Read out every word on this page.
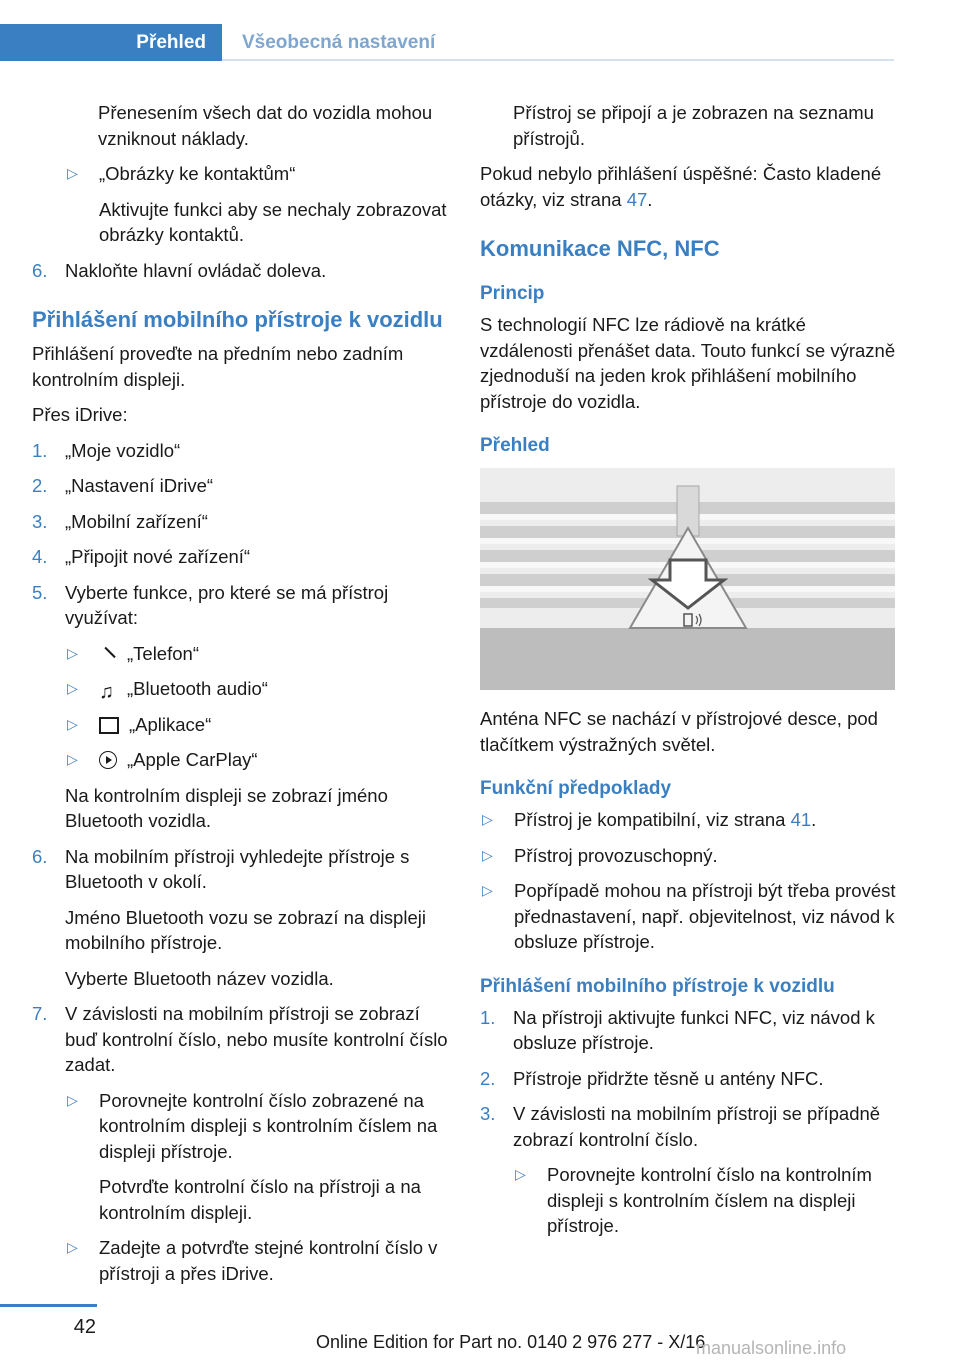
Přehled Všeobecná nastavení

Přenesením všech dat do vozidla mohou vzniknout náklady.

▷	„Obrázky ke kontaktům“

Aktivujte funkci aby se nechaly zobrazovat obrázky kontaktů.

6. Nakloňte hlavní ovládač doleva.
Přihlášení mobilního přístroje k vozidlu

Přihlášení proveďte na předním nebo zadním kontrolním displeji.

Přes iDrive:

1. „Moje vozidlo“
2. „Nastavení iDrive“
3. „Mobilní zařízení“
4. „Připojit nové zařízení“
5. Vyberte funkce, pro které se má přístroj využívat:
▷	„Telefon“
▷	♫ „Bluetooth audio“
▷	„Aplikace“
▷	„Apple CarPlay“

Na kontrolním displeji se zobrazí jméno Bluetooth vozidla.

6. Na mobilním přístroji vyhledejte přístroje s Bluetooth v okolí.

Jméno Bluetooth vozu se zobrazí na displeji mobilního přístroje.

Vyberte Bluetooth název vozidla.

7. V závislosti na mobilním přístroji se zobrazí buď kontrolní číslo, nebo musíte kontrolní číslo zadat.
▷	Porovnejte kontrolní číslo zobrazené na kontrolním displeji s kontrolním číslem na displeji přístroje.

Potvrďte kontrolní číslo na přístroji a na kontrolním displeji.

▷	Zadejte a potvrďte stejné kontrolní číslo v přístroji a přes iDrive.

Přístroj se připojí a je zobrazen na seznamu přístrojů.

Pokud nebylo přihlášení úspěšné: Často kladené otázky, viz strana 47.

Komunikace NFC, NFC
Princip

S technologií NFC lze rádiově na krátké vzdálenosti přenášet data. Touto funkcí se výrazně zjednoduší na jeden krok přihlášení mobilního přístroje do vozidla.

Přehled

Anténa NFC se nachází v přístrojové desce, pod tlačítkem výstražných světel.

Funkční předpoklady
▷	Přístroj je kompatibilní, viz strana 41.
▷	Přístroj provozuschopný.
▷	Popřípadě mohou na přístroji být třeba provést přednastavení, např. objevitelnost, viz návod k obsluze přístroje.
Přihlášení mobilního přístroje k vozidlu
1. Na přístroji aktivujte funkci NFC, viz návod k obsluze přístroje.
2. Přístroje přidržte těsně u antény NFC.
3. V závislosti na mobilním přístroji se případně zobrazí kontrolní číslo.
▷	Porovnejte kontrolní číslo na kontrolním displeji s kontrolním číslem na displeji přístroje.
42
Online Edition for Part no. 0140 2 976 277 - X/16
manualsonline.info
